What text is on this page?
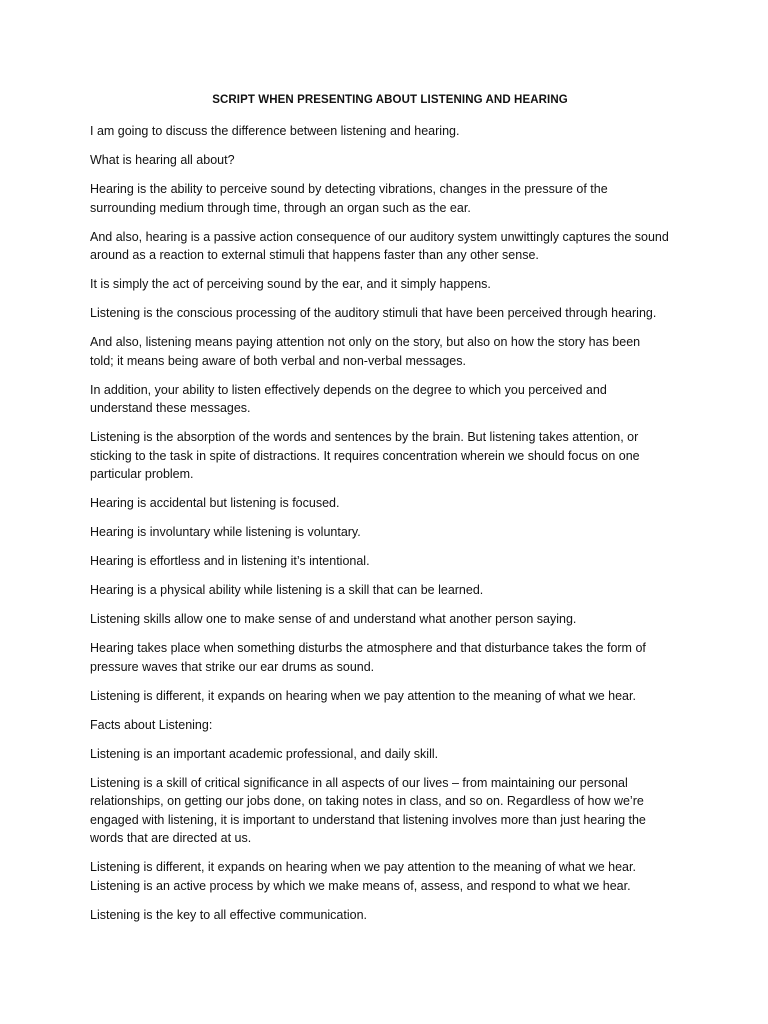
SCRIPT WHEN PRESENTING ABOUT LISTENING AND HEARING
I am going to discuss the difference between listening and hearing.
What is hearing all about?
Hearing is the ability to perceive sound by detecting vibrations, changes in the pressure of the
surrounding medium through time, through an organ such as the ear.
And also, hearing is a passive action consequence of our auditory system unwittingly captures the sound
around as a reaction to external stimuli that happens faster than any other sense.
It is simply the act of perceiving sound by the ear, and it simply happens.
Listening is the conscious processing of the auditory stimuli that have been perceived through hearing.
And also, listening means paying attention not only on the story, but also on how the story has been
told; it means being aware of both verbal and non-verbal messages.
In addition, your ability to listen effectively depends on the degree to which you perceived and
understand these messages.
Listening is the absorption of the words and sentences by the brain. But listening takes attention, or
sticking to the task in spite of distractions. It requires concentration wherein we should focus on one
particular problem.
Hearing is accidental but listening is focused.
Hearing is involuntary while listening is voluntary.
Hearing is effortless and in listening it’s intentional.
Hearing is a physical ability while listening is a skill that can be learned.
Listening skills allow one to make sense of and understand what another person saying.
Hearing takes place when something disturbs the atmosphere and that disturbance takes the form of
pressure waves that strike our ear drums as sound.
Listening is different, it expands on hearing when we pay attention to the meaning of what we hear.
Facts about Listening:
Listening is an important academic professional, and daily skill.
Listening is a skill of critical significance in all aspects of our lives – from maintaining our personal
relationships, on getting our jobs done, on taking notes in class, and so on. Regardless of how we’re
engaged with listening, it is important to understand that listening involves more than just hearing the
words that are directed at us.
Listening is different, it expands on hearing when we pay attention to the meaning of what we hear.
Listening is an active process by which we make means of, assess, and respond to what we hear.
Listening is the key to all effective communication.
